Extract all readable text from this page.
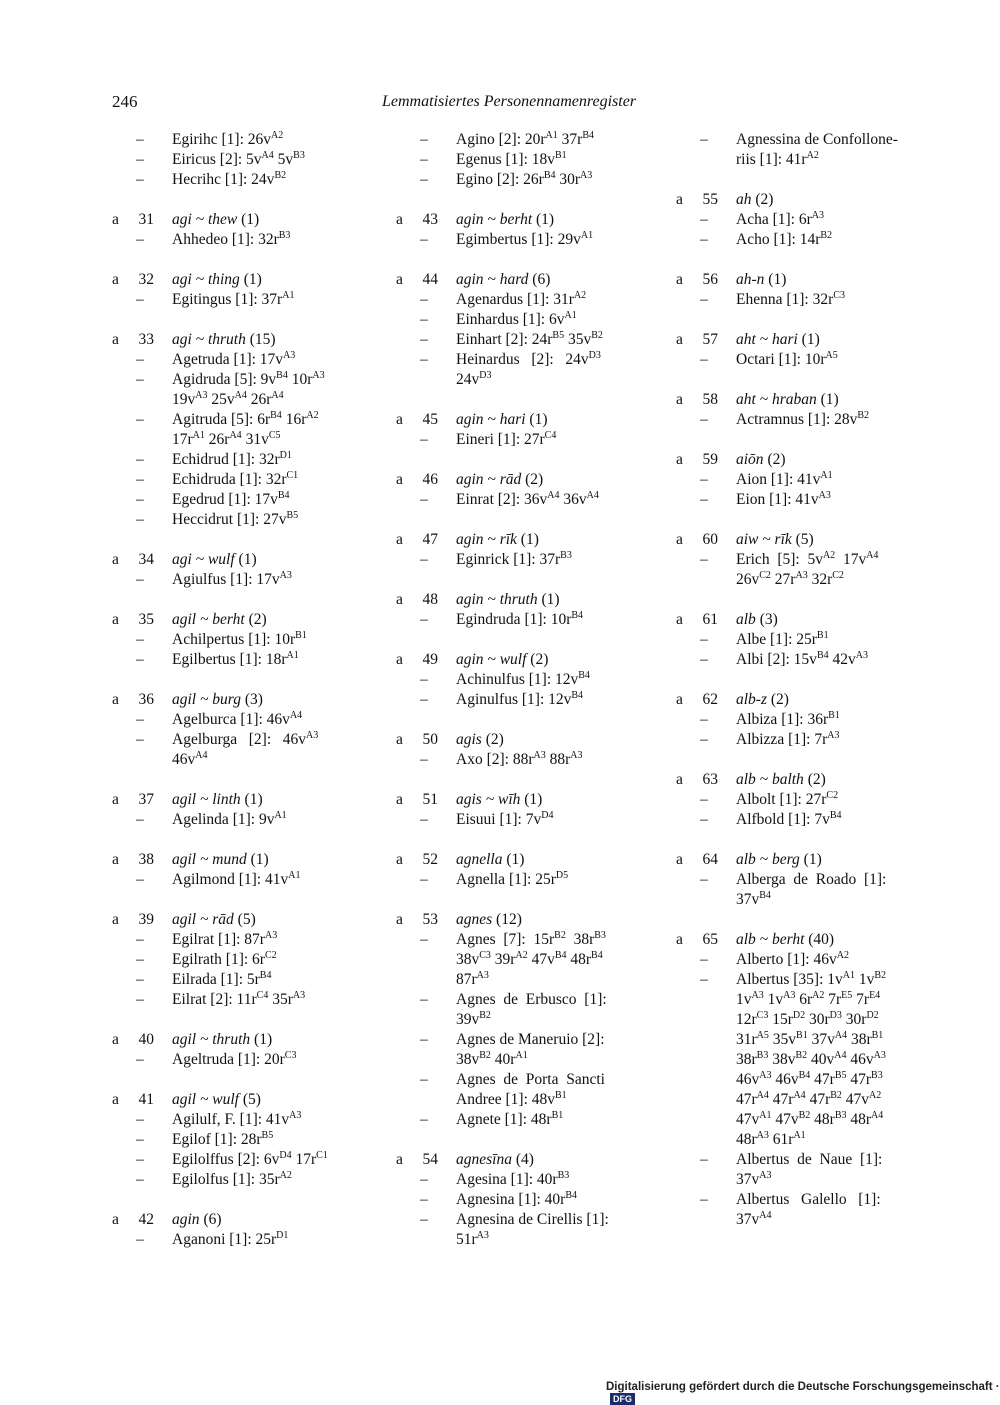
246	Lemmatisiertes Personennamenregister
– Egirihc [1]: $26v^{A2}$
– Eiricus [2]: $5v^{A4}$ $5v^{B3}$
– Hecrihc [1]: $24v^{B2}$
a	31 agi ~ thew (1)
– Ahhedeo [1]: $32r^{B3}$
a	32 agi ~ thing (1)
– Egitingus [1]: $37r^{A1}$
a	33 agi ~ thruth (15)
– Agetruda [1]: $17v^{A3}$
– Agidruda [5]: $9v^{B4}$ $10r^{A3}$
$19v^{A3}$ $25v^{A4}$ $26r^{A4}$
– Agitruda [5]: $6r^{B4}$ $16r^{A2}$
$17r^{A1}$ $26r^{A4}$ $31v^{C5}$
– Echidrud [1]: $32r^{D1}$
– Echidruda [1]: $32r^{C1}$
– Egedrud [1]: $17v^{B4}$
– Heccidrut [1]: $27v^{B5}$
a	34 agi ~ wulf (1)
– Agiulfus [1]: $17v^{A3}$
a	35 agil ~ berht (2)
– Achilpertus [1]: $10r^{B1}$
– Egilbertus [1]: $18r^{A1}$
a	36 agil ~ burg (3)
– Agelburca [1]: $46v^{A4}$
– Agelburga   [2]:   $46v^{A3}$
$46v^{A4}$
a	37 agil ~ linth (1)
– Agelinda [1]: $9v^{A1}$
a	38 agil ~ mund (1)
– Agilmond [1]: $41v^{A1}$
a	39 agil ~ rād (5)
– Egilrat [1]: $87r^{A3}$
– Egilrath [1]: $6r^{C2}$
– Eilrada [1]: $5r^{B4}$
– Eilrat [2]: $11r^{C4}$ $35r^{A3}$
a	40 agil ~ thruth (1)
– Ageltruda [1]: $20r^{C3}$
a	41 agil ~ wulf (5)
– Agilulf, F. [1]: $41v^{A3}$
– Egilof [1]: $28r^{B5}$
– Egilolffus [2]: $6v^{D4}$ $17r^{C1}$
– Egilolfus [1]: $35r^{A2}$
a	42 agin (6)
– Aganoni [1]: $25r^{D1}$
– Agino [2]: $20r^{A1}$ $37r^{B4}$
– Egenus [1]: $18v^{B1}$
– Egino [2]: $26r^{B4}$ $30r^{A3}$
a	43 agin ~ berht (1)
– Egimbertus [1]: $29v^{A1}$
a	44 agin ~ hard (6)
– Agenardus [1]: $31r^{A2}$
– Einhardus [1]: $6v^{A1}$
– Einhart [2]: $24r^{B5}$ $35v^{B2}$
– Heinardus   [2]:   $24v^{D3}$
$24v^{D3}$
a	45 agin ~ hari (1)
– Eineri [1]: $27r^{C4}$
a	46 agin ~ rād (2)
– Einrat [2]: $36v^{A4}$ $36v^{A4}$
a	47 agin ~ rīk (1)
– Eginrick [1]: $37r^{B3}$
a	48 agin ~ thruth (1)
– Egindruda [1]: $10r^{B4}$
a	49 agin ~ wulf (2)
– Achinulfus [1]: $12v^{B4}$
– Aginulfus [1]: $12v^{B4}$
a	50 agis (2)
– Axo [2]: $88r^{A3}$ $88r^{A3}$
a	51 agis ~ wīh (1)
– Eisuui [1]: $7v^{D4}$
a	52 agnella (1)
– Agnella [1]: $25r^{D5}$
a	53 agnes (12)
– Agnes  [7]:  $15r^{B2}$  $38r^{B3}$
$38v^{C3}$ $39r^{A2}$ $47v^{B4}$ $48r^{B4}$
$87r^{A3}$
– Agnes  de  Erbusco  [1]:
$39v^{B2}$
– Agnes de Maneruio [2]:
$38v^{B2}$ $40r^{A1}$
– Agnes  de  Porta  Sancti
Andree [1]: $48v^{B1}$
– Agnete [1]: $48r^{B1}$
a	54 agnesīna (4)
– Agesina [1]: $40r^{B3}$
– Agnesina [1]: $40r^{B4}$
– Agnesina de Cirellis [1]:
$51r^{A3}$
– Agnessina de Confollone-
riis [1]: $41r^{A2}$
a	55 ah (2)
– Acha [1]: $6r^{A3}$
– Acho [1]: $14r^{B2}$
a	56 ah-n (1)
– Ehenna [1]: $32r^{C3}$
a	57 aht ~ hari (1)
– Octari [1]: $10r^{A5}$
a	58 aht ~ hraban (1)
– Actramnus [1]: $28v^{B2}$
a	59 aiōn (2)
– Aion [1]: $41v^{A1}$
– Eion [1]: $41v^{A3}$
a	60 aiw ~ rīk (5)
– Erich  [5]:  $5v^{A2}$  $17v^{A4}$
$26v^{C2}$ $27r^{A3}$ $32r^{C2}$
a	61 alb (3)
– Albe [1]: $25r^{B1}$
– Albi [2]: $15v^{B4}$ $42v^{A3}$
a	62 alb-z (2)
– Albiza [1]: $36r^{B1}$
– Albizza [1]: $7r^{A3}$
a	63 alb ~ balth (2)
– Albolt [1]: $27r^{C2}$
– Alfbold [1]: $7v^{B4}$
a	64 alb ~ berg (1)
– Alberga  de  Roado  [1]:
$37v^{B4}$
a	65 alb ~ berht (40)
– Alberto [1]: $46v^{A2}$
– Albertus [35]: $1v^{A1}$ $1v^{B2}$
$1v^{A3}$ $1v^{A3}$ $6r^{A2}$ $7r^{E5}$ $7r^{E4}$
$12r^{C3}$ $15r^{D2}$ $30r^{D3}$ $30r^{D2}$
$31r^{A5}$ $35v^{B1}$ $37v^{A4}$ $38r^{B1}$
$38r^{B3}$ $38v^{B2}$ $40v^{A4}$ $46v^{A3}$
$46v^{A3}$ $46v^{B4}$ $47r^{B5}$ $47r^{B3}$
$47r^{A4}$ $47r^{A4}$ $47r^{B2}$ $47v^{A2}$
$47v^{A1}$ $47v^{B2}$ $48r^{B3}$ $48r^{A4}$
$48r^{A3}$ $61r^{A1}$
– Albertus  de  Naue  [1]:
$37v^{A3}$
– Albertus   Galello   [1]:
$37v^{A4}$
Digitalisierung gefördert durch die Deutsche Forschungsgemeinschaft · DFG
